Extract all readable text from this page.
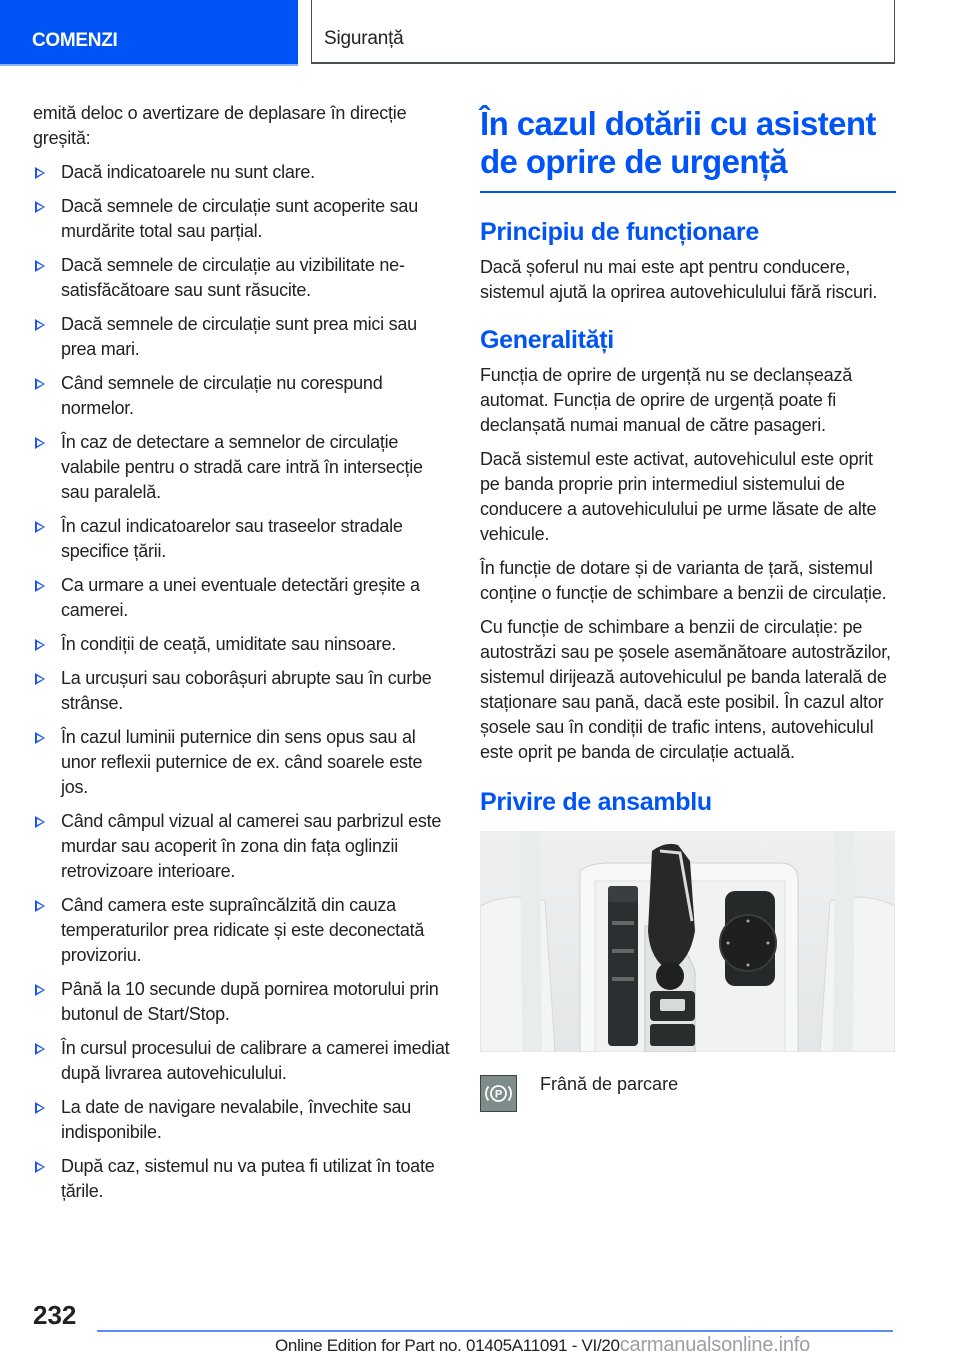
COMENZI	Siguranță

emită deloc o avertizare de deplasare în direcție greșită:

Dacă indicatoarele nu sunt clare.
Dacă semnele de circulație sunt acoperite sau murdărite total sau parțial.
Dacă semnele de circulație au vizibilitate nesatisfăcătoare sau sunt răsucite.
Dacă semnele de circulație sunt prea mici sau prea mari.
Când semnele de circulație nu corespund normelor.
În caz de detectare a semnelor de circulație valabile pentru o stradă care intră în intersecție sau paralelă.
În cazul indicatoarelor sau traseelor stradale specifice țării.
Ca urmare a unei eventuale detectări greșite a camerei.
În condiții de ceață, umiditate sau ninsoare.
La urcușuri sau coborâșuri abrupte sau în curbe strânse.
În cazul luminii puternice din sens opus sau al unor reflexii puternice de ex. când soarele este jos.
Când câmpul vizual al camerei sau parbrizul este murdar sau acoperit în zona din fața oglinzii retrovizoare interioare.
Când camera este supraîncălzită din cauza temperaturilor prea ridicate și este deconectată provizoriu.
Până la 10 secunde după pornirea motorului prin butonul de Start/Stop.
În cursul procesului de calibrare a camerei imediat după livrarea autovehiculului.
La date de navigare nevalabile, învechite sau indisponibile.
După caz, sistemul nu va putea fi utilizat în toate țările.
În cazul dotării cu asistent de oprire de urgență
Principiu de funcționare

Dacă șoferul nu mai este apt pentru conducere, sistemul ajută la oprirea autovehiculului fără riscuri.

Generalități

Funcția de oprire de urgență nu se declanșează automat. Funcția de oprire de urgență poate fi declanșată numai manual de către pasageri.

Dacă sistemul este activat, autovehiculul este oprit pe banda proprie prin intermediul sistemului de conducere a autovehiculului pe urme lăsate de alte vehicule.

În funcție de dotare și de varianta de țară, sistemul conține o funcție de schimbare a benzii de circulație.

Cu funcție de schimbare a benzii de circulație: pe autostrăzi sau pe șosele asemănătoare autostrăzilor, sistemul dirijează autovehiculul pe banda laterală de staționare sau pană, dacă este posibil. În cazul altor șosele sau în condiții de trafic intens, autovehiculul este oprit pe banda de circulație actuală.

Privire de ansamblu
P
Frână de parcare
232
Online Edition for Part no. 01405A11091 - VI/20carmanualsonline.info
